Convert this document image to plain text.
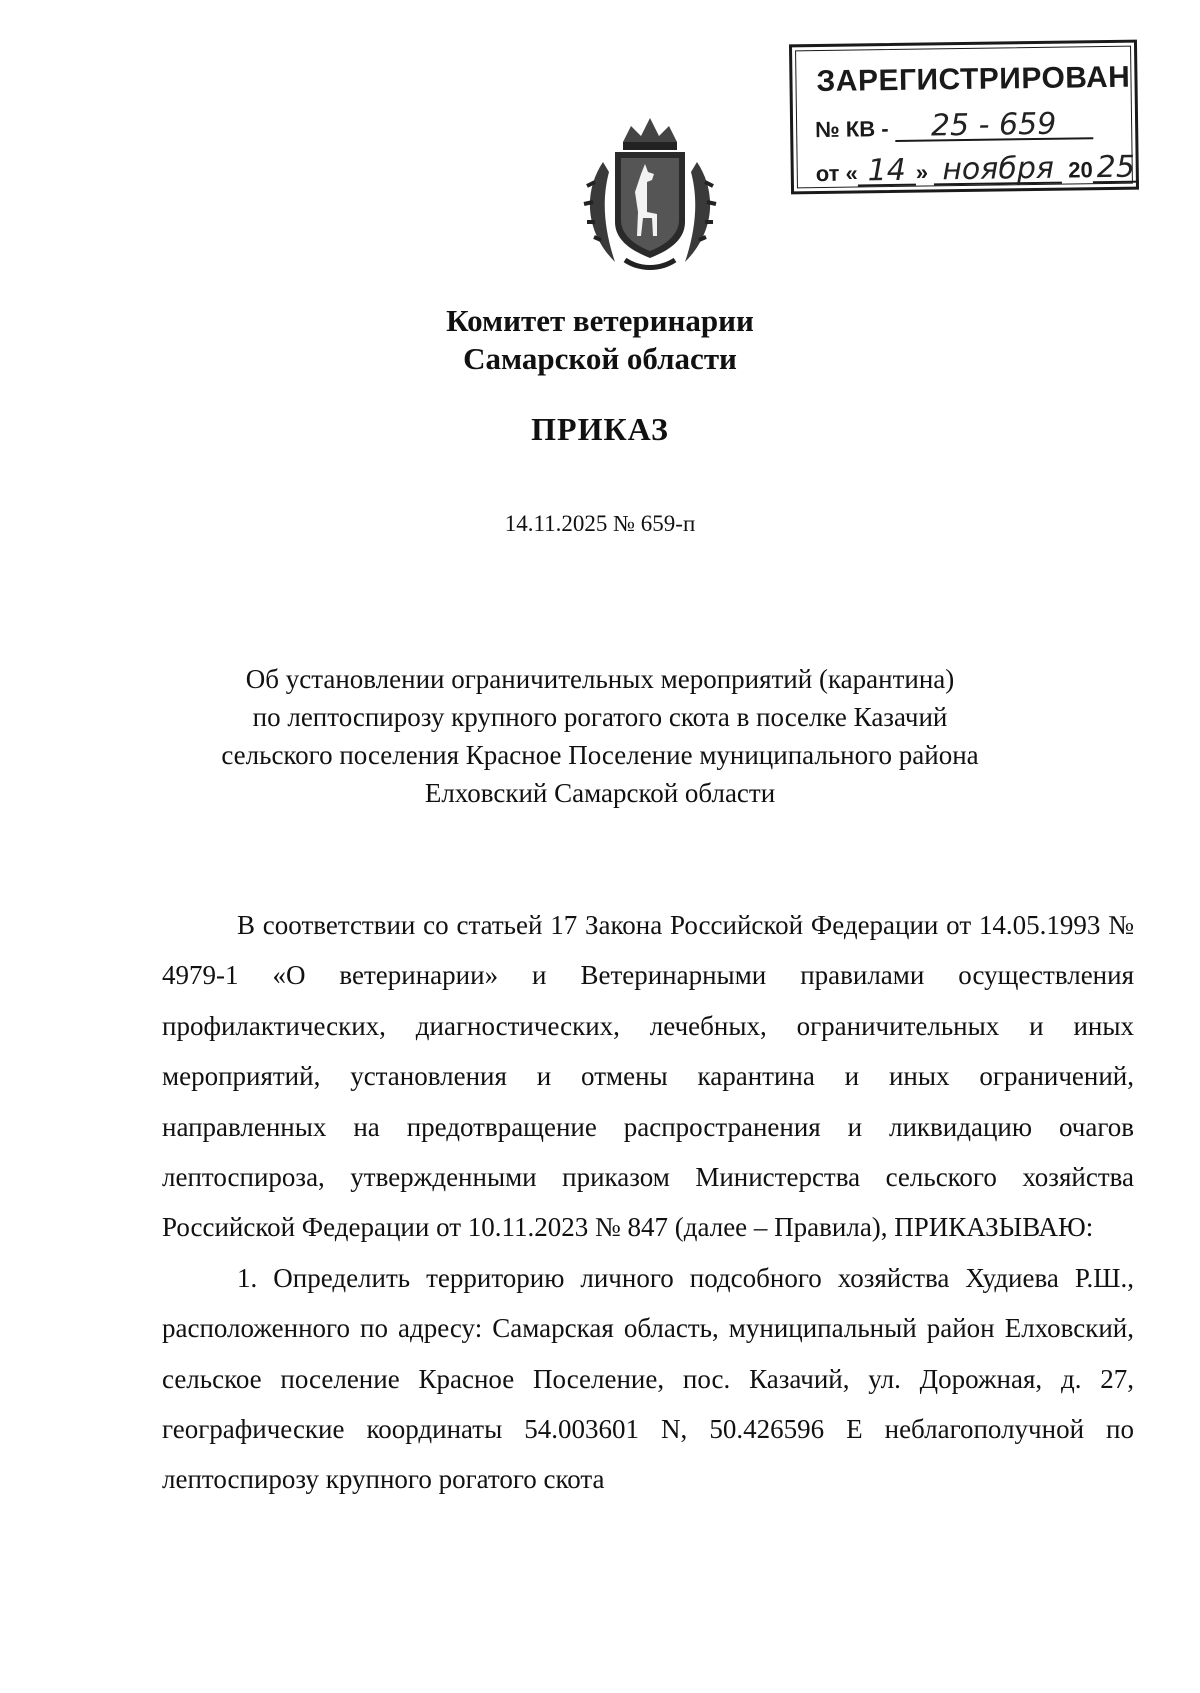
ЗАРЕГИСТРИРОВАН
№ КВ - 25 - 659
от « 14 » ноября 20 25
Комитет ветеринарии
Самарской области
ПРИКАЗ
14.11.2025 № 659-п
Об установлении ограничительных мероприятий (карантина)
по лептоспирозу крупного рогатого скота в поселке Казачий
сельского поселения Красное Поселение муниципального района
Елховский Самарской области

В соответствии со статьей 17 Закона Российской Федерации от 14.05.1993 № 4979-1 «О ветеринарии» и Ветеринарными правилами осуществления профилактических, диагностических, лечебных, ограничительных и иных мероприятий, установления и отмены карантина и иных ограничений, направленных на предотвращение распространения и ликвидацию очагов лептоспироза, утвержденными приказом Министерства сельского хозяйства Российской Федерации от 10.11.2023 № 847 (далее – Правила), ПРИКАЗЫВАЮ:

1. Определить территорию личного подсобного хозяйства Худиева Р.Ш., расположенного по адресу: Самарская область, муниципальный район Елховский, сельское поселение Красное Поселение, пос. Казачий, ул. Дорожная, д. 27, географические координаты 54.003601 N, 50.426596 E неблагополучной по лептоспирозу крупного рогатого скота
